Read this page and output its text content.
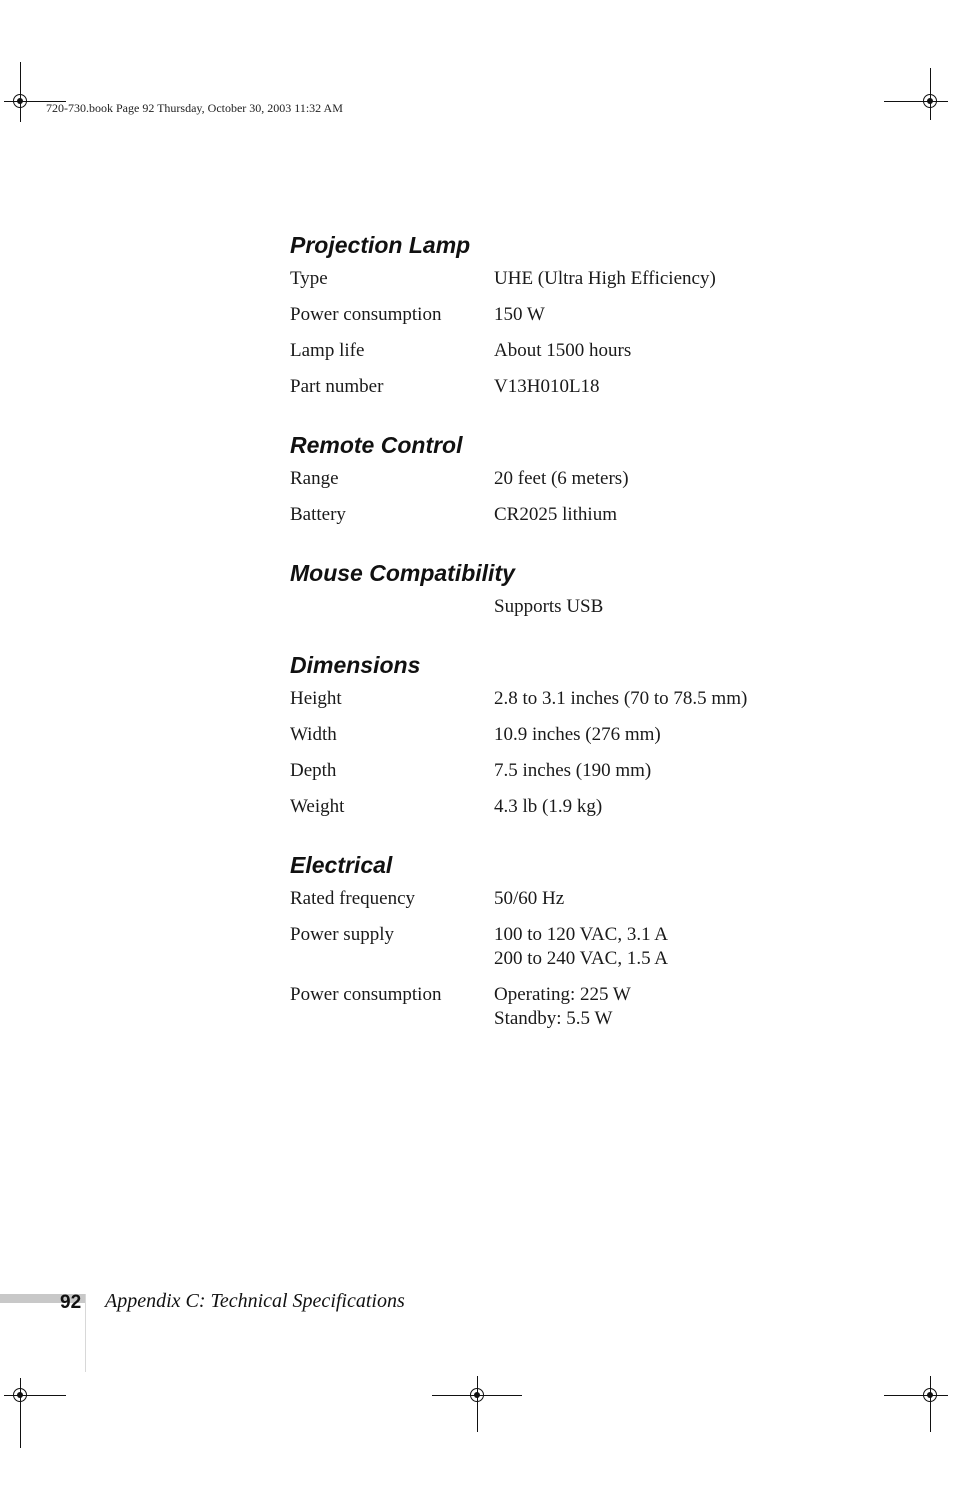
720-730.book Page 92 Thursday, October 30, 2003 11:32 AM
Projection Lamp
Type	UHE (Ultra High Efficiency)
Power consumption	150 W
Lamp life	About 1500 hours
Part number	V13H010L18
Remote Control
Range	20 feet (6 meters)
Battery	CR2025 lithium
Mouse Compatibility
Supports USB
Dimensions
Height	2.8 to 3.1 inches (70 to 78.5 mm)
Width	10.9 inches (276 mm)
Depth	7.5 inches (190 mm)
Weight	4.3 lb (1.9 kg)
Electrical
Rated frequency	50/60 Hz
Power supply	100 to 120 VAC, 3.1 A
200 to 240 VAC, 1.5 A
Power consumption	Operating: 225 W
Standby: 5.5 W
92 Appendix C: Technical Specifications
